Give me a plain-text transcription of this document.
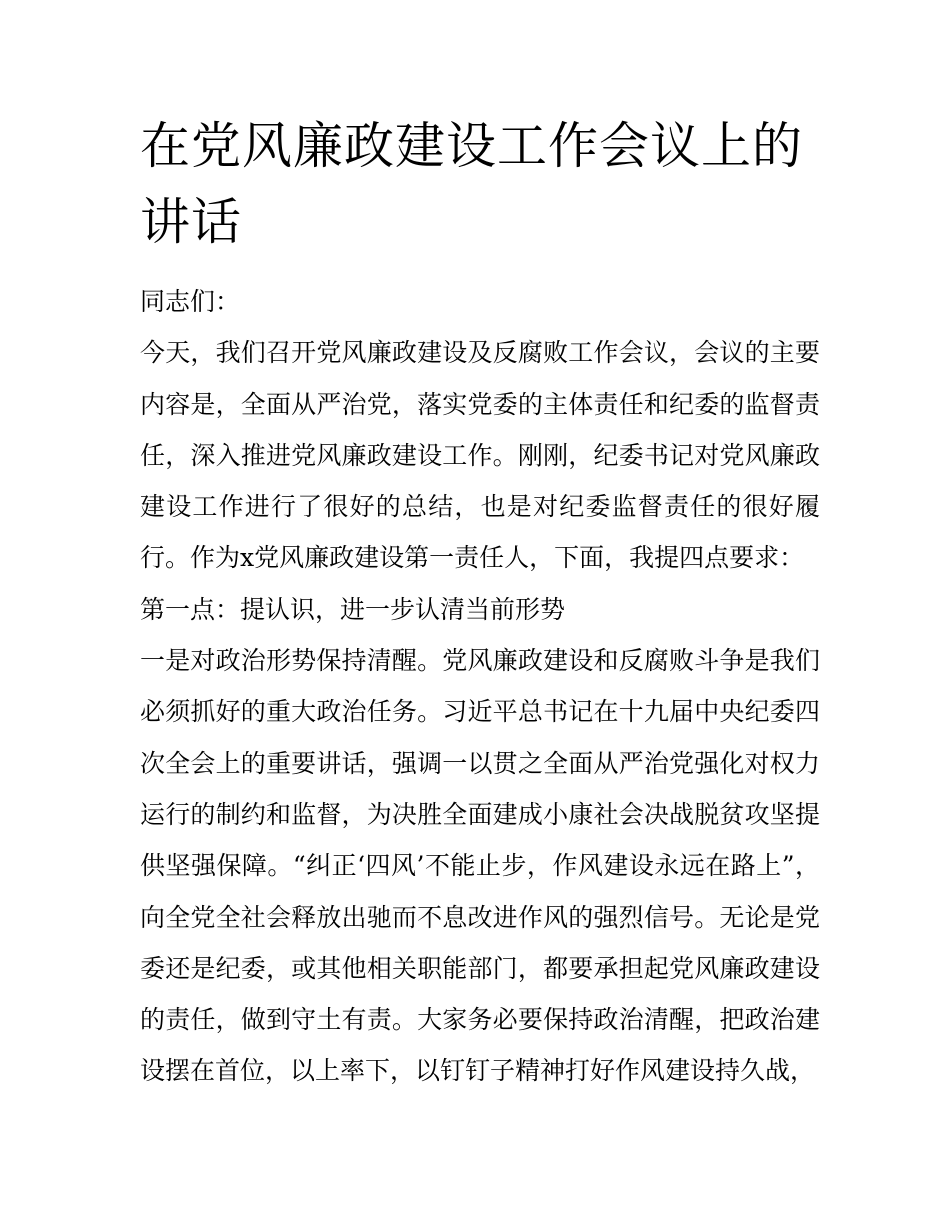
在党风廉政建设工作会议上的
讲话

同志们：

今天，我们召开党风廉政建设及反腐败工作会议，会议的主要内容是，全面从严治党，落实党委的主体责任和纪委的监督责任，深入推进党风廉政建设工作。刚刚，纪委书记对党风廉政建设工作进行了很好的总结，也是对纪委监督责任的很好履行。作为x党风廉政建设第一责任人，下面，我提四点要求：

第一点：提认识，进一步认清当前形势

一是对政治形势保持清醒。党风廉政建设和反腐败斗争是我们必须抓好的重大政治任务。习近平总书记在十九届中央纪委四次全会上的重要讲话，强调一以贯之全面从严治党强化对权力运行的制约和监督，为决胜全面建成小康社会决战脱贫攻坚提供坚强保障。“纠正‘四风’不能止步，作风建设永远在路上”，向全党全社会释放出驰而不息改进作风的强烈信号。无论是党委还是纪委，或其他相关职能部门，都要承担起党风廉政建设的责任，做到守土有责。大家务必要保持政治清醒，把政治建设摆在首位，以上率下，以钉钉子精神打好作风建设持久战，
